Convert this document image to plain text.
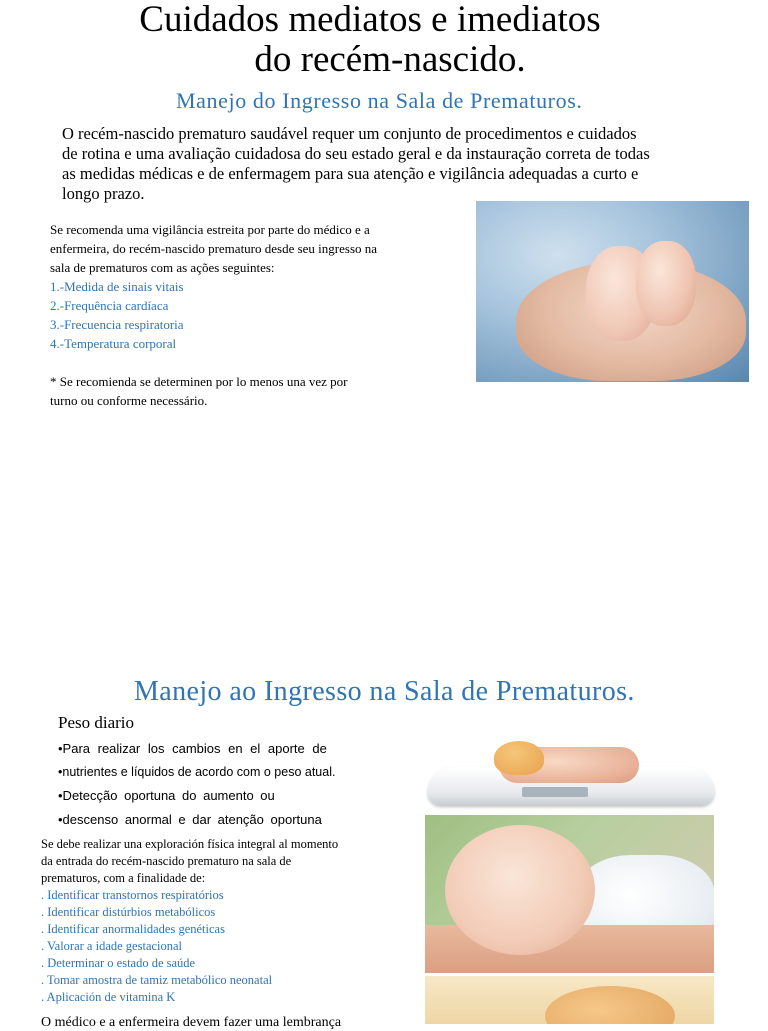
Cuidados mediatos e imediatos
do recém-nascido.
Manejo do Ingresso na Sala de Prematuros.
O recém-nascido prematuro saudável requer um conjunto de procedimentos e cuidados de rotina e uma avaliação cuidadosa do seu estado geral e da instauração correta de todas as medidas médicas e de enfermagem para sua atenção e vigilância adequadas a curto e longo prazo.
Se recomenda uma vigilância estreita por parte do médico e a enfermeira, do recém-nascido prematuro desde seu ingresso na sala de prematuros com as ações seguintes:
1.-Medida de sinais vitais
2.-Frequência cardíaca
3.-Frecuencia respiratoria
4.-Temperatura corporal
* Se recomienda se determinen por lo menos una vez por turno ou conforme necessário.
Manejo ao Ingresso na Sala de Prematuros.
Peso diario
•Para realizar los cambios en el aporte de
•nutrientes e líquidos de acordo com o peso atual.
•Detecção oportuna do aumento ou
•descenso anormal e dar atenção oportuna
Se debe realizar una exploración física integral al momento da entrada do recém-nascido prematuro na sala de prematuros, com a finalidade de:
. Identificar transtornos respiratórios
. Identificar distúrbios metabólicos
. Identificar anormalidades genéticas
. Valorar a idade gestacional
. Determinar o estado de saúde
. Tomar amostra de tamiz metabólico neonatal
. Aplicación de vitamina K
O médico e a enfermeira devem fazer uma lembrança
